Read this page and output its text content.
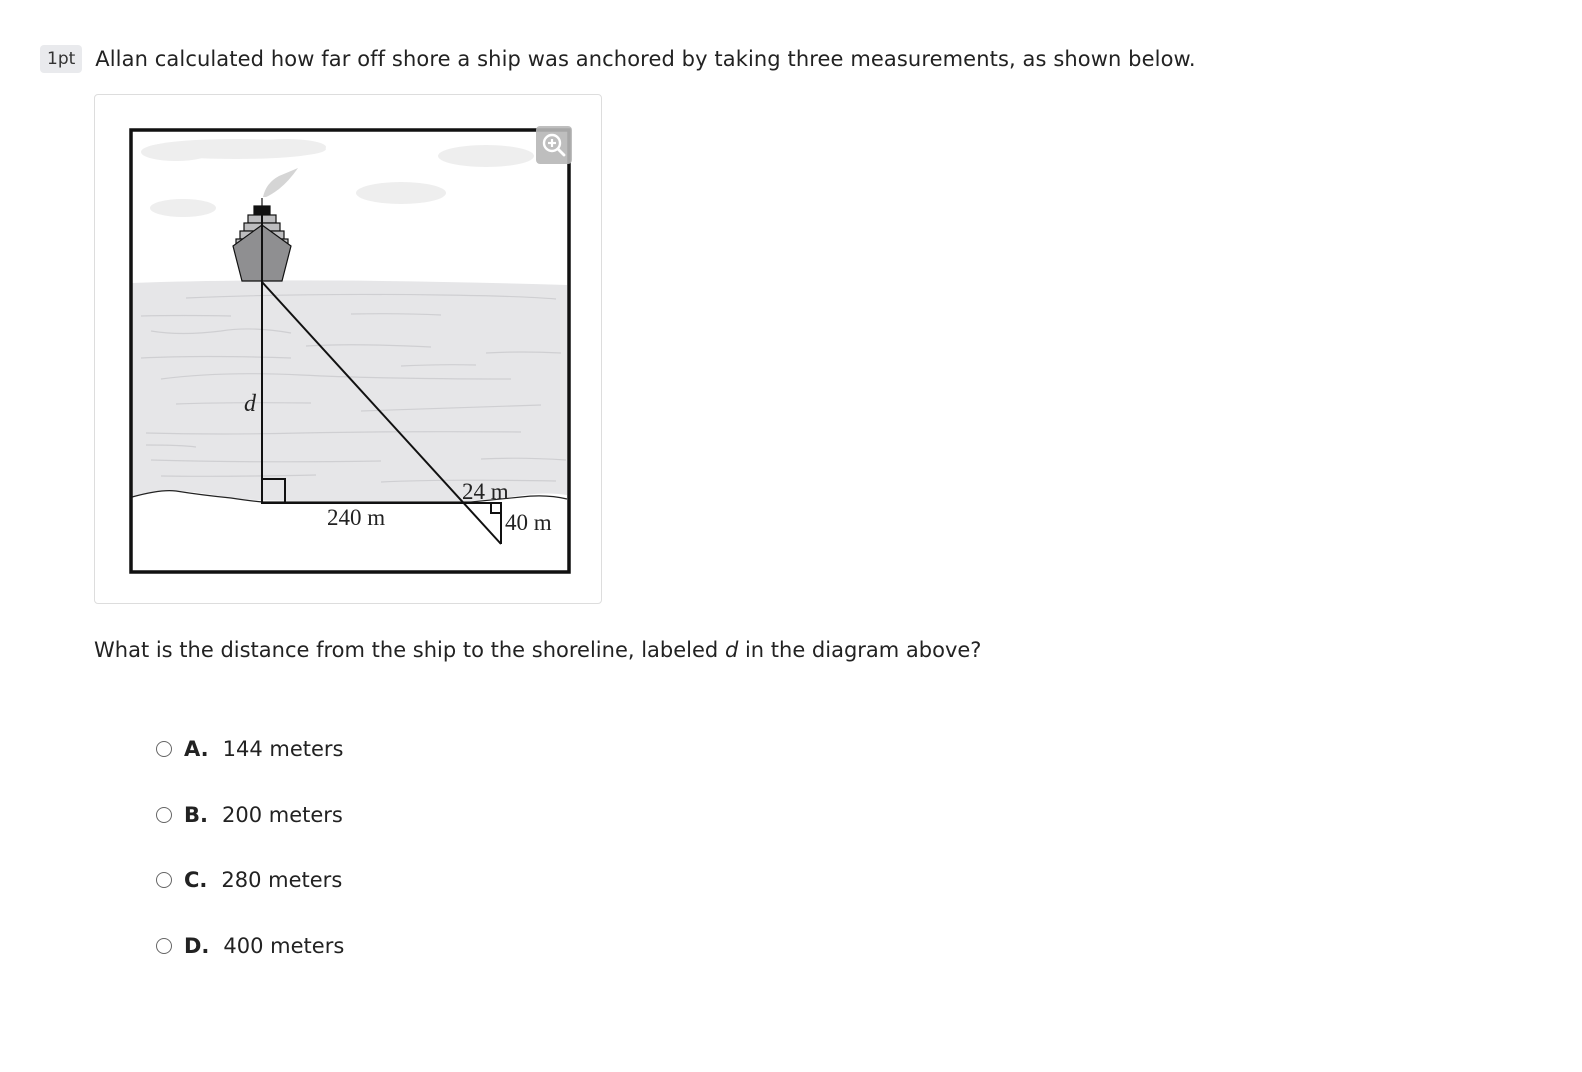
1pt Allan calculated how far off shore a ship was anchored by taking three measurements, as shown below.
d
240 m
24 m
40 m
What is the distance from the ship to the shoreline, labeled d in the diagram above?
A. 144 meters
B. 200 meters
C. 280 meters
D. 400 meters
